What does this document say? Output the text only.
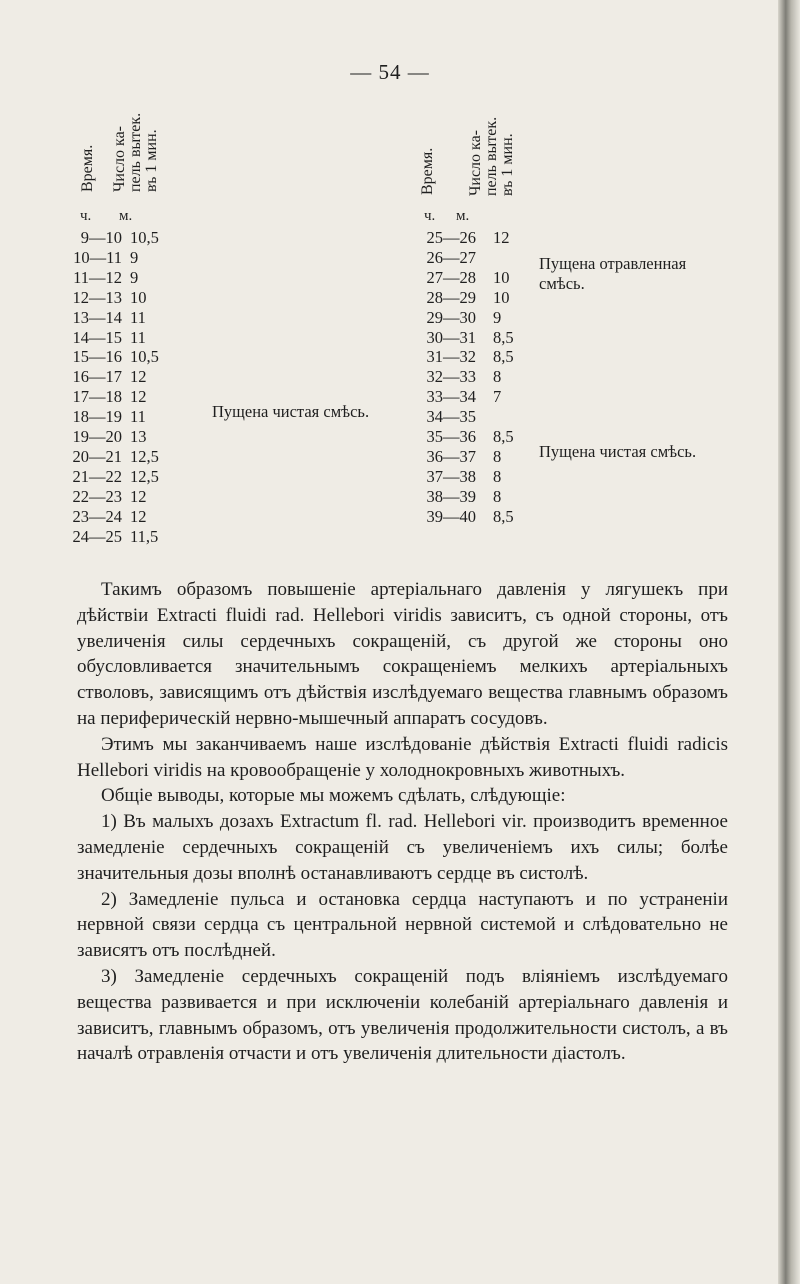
— 54 —
Время. Число ка-
пель вытек.
въ 1 мин.
Время. Число ка-
пель вытек.
въ 1 мин.
ч. м.	ч. м.
9—10 10,5
10—11 9
11—12 9
12—13 10
13—14 11
14—15 11
15—16 10,5
16—17 12
17—18 12
18—19 11
19—20 13
20—21 12,5
21—22 12,5
22—23 12
23—24 12
24—25 11,5
25—26 12
26—27
27—28 10
28—29 10
29—30 9
30—31 8,5
31—32 8,5
32—33 8
33—34 7
34—35
35—36 8,5
36—37 8
37—38 8
38—39 8
39—40 8,5
Пущена чистая смѣсь.
Пущена отравленная
смѣсь.
Пущена чистая смѣсь.

Такимъ образомъ повышеніе артеріальнаго давленія у лягушекъ при дѣйствіи Extracti fluidi rad. Hellebori viridis зависитъ, съ одной стороны, отъ увеличенія силы сердечныхъ сокращеній, съ другой же стороны оно обусловливается значительнымъ сокращеніемъ мелкихъ артеріальныхъ стволовъ, зависящимъ отъ дѣйствія изслѣдуемаго вещества главнымъ образомъ на периферическій нервно-мышечный аппаратъ сосудовъ.

Этимъ мы заканчиваемъ наше изслѣдованіе дѣйствія Extracti fluidi radicis Hellebori viridis на кровообращеніе у холоднокровныхъ животныхъ.

Общіе выводы, которые мы можемъ сдѣлать, слѣдующіе:

1) Въ малыхъ дозахъ Extractum fl. rad. Hellebori vir. производитъ временное замедленіе сердечныхъ сокращеній съ увеличеніемъ ихъ силы; болѣе значительныя дозы вполнѣ останавливаютъ сердце въ систолѣ.

2) Замедленіе пульса и остановка сердца наступаютъ и по устраненіи нервной связи сердца съ центральной нервной системой и слѣдовательно не зависятъ отъ послѣдней.

3) Замедленіе сердечныхъ сокращеній подъ вліяніемъ изслѣдуемаго вещества развивается и при исключеніи колебаній артеріальнаго давленія и зависитъ, главнымъ образомъ, отъ увеличенія продолжительности систолъ, а въ началѣ отравленія отчасти и отъ увеличенія длительности діастолъ.
